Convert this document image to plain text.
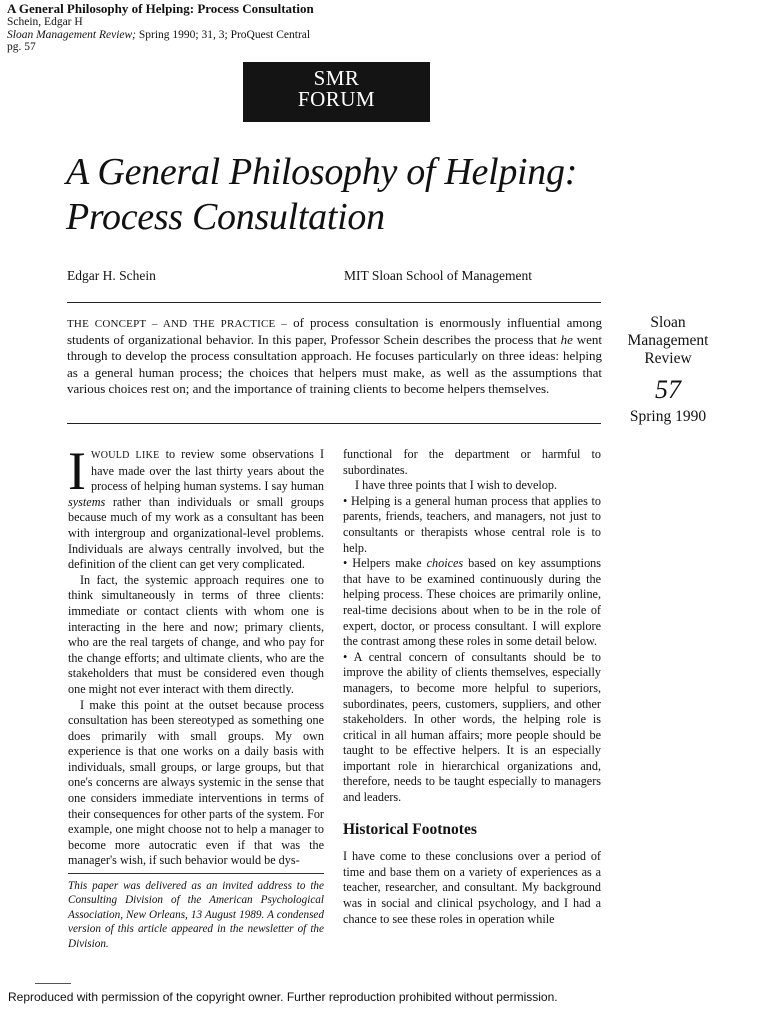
A General Philosophy of Helping: Process Consultation
Schein, Edgar H
Sloan Management Review; Spring 1990; 31, 3; ProQuest Central
pg. 57
SMR
FORUM
A General Philosophy of Helping:
Process Consultation
Edgar H. Schein	MIT Sloan School of Management
THE CONCEPT – AND THE PRACTICE – of process consultation is enormously influential among students of organizational behavior. In this paper, Professor Schein describes the process that he went through to develop the process consultation approach. He focuses particularly on three ideas: helping as a general human process; the choices that helpers must make, as well as the assumptions that various choices rest on; and the importance of training clients to become helpers themselves.
Sloan
Management
Review
57
Spring 1990

IWOULD LIKE to review some observations I have made over the last thirty years about the process of helping human systems. I say human systems rather than individuals or small groups because much of my work as a consultant has been with intergroup and organizational-level problems. Individuals are always centrally involved, but the definition of the client can get very complicated.

In fact, the systemic approach requires one to think simultaneously in terms of three clients: immediate or contact clients with whom one is interacting in the here and now; primary clients, who are the real targets of change, and who pay for the change efforts; and ultimate clients, who are the stakeholders that must be considered even though one might not ever interact with them directly.

I make this point at the outset because process consultation has been stereotyped as something one does primarily with small groups. My own experience is that one works on a daily basis with individuals, small groups, or large groups, but that one's concerns are always systemic in the sense that one considers immediate interventions in terms of their consequences for other parts of the system. For example, one might choose not to help a manager to become more autocratic even if that was the manager's wish, if such behavior would be dys-

This paper was delivered as an invited address to the Consulting Division of the American Psychological Association, New Orleans, 13 August 1989. A condensed version of this article appeared in the newsletter of the Division.

functional for the department or harmful to subordinates.

I have three points that I wish to develop.

• Helping is a general human process that applies to parents, friends, teachers, and managers, not just to consultants or therapists whose central role is to help.

• Helpers make choices based on key assumptions that have to be examined continuously during the helping process. These choices are primarily online, real-time decisions about when to be in the role of expert, doctor, or process consultant. I will explore the contrast among these roles in some detail below.

• A central concern of consultants should be to improve the ability of clients themselves, especially managers, to become more helpful to superiors, subordinates, peers, customers, suppliers, and other stakeholders. In other words, the helping role is critical in all human affairs; more people should be taught to be effective helpers. It is an especially important role in hierarchical organizations and, therefore, needs to be taught especially to managers and leaders.

Historical Footnotes

I have come to these conclusions over a period of time and base them on a variety of experiences as a teacher, researcher, and consultant. My background was in social and clinical psychology, and I had a chance to see these roles in operation while

Reproduced with permission of the copyright owner. Further reproduction prohibited without permission.
